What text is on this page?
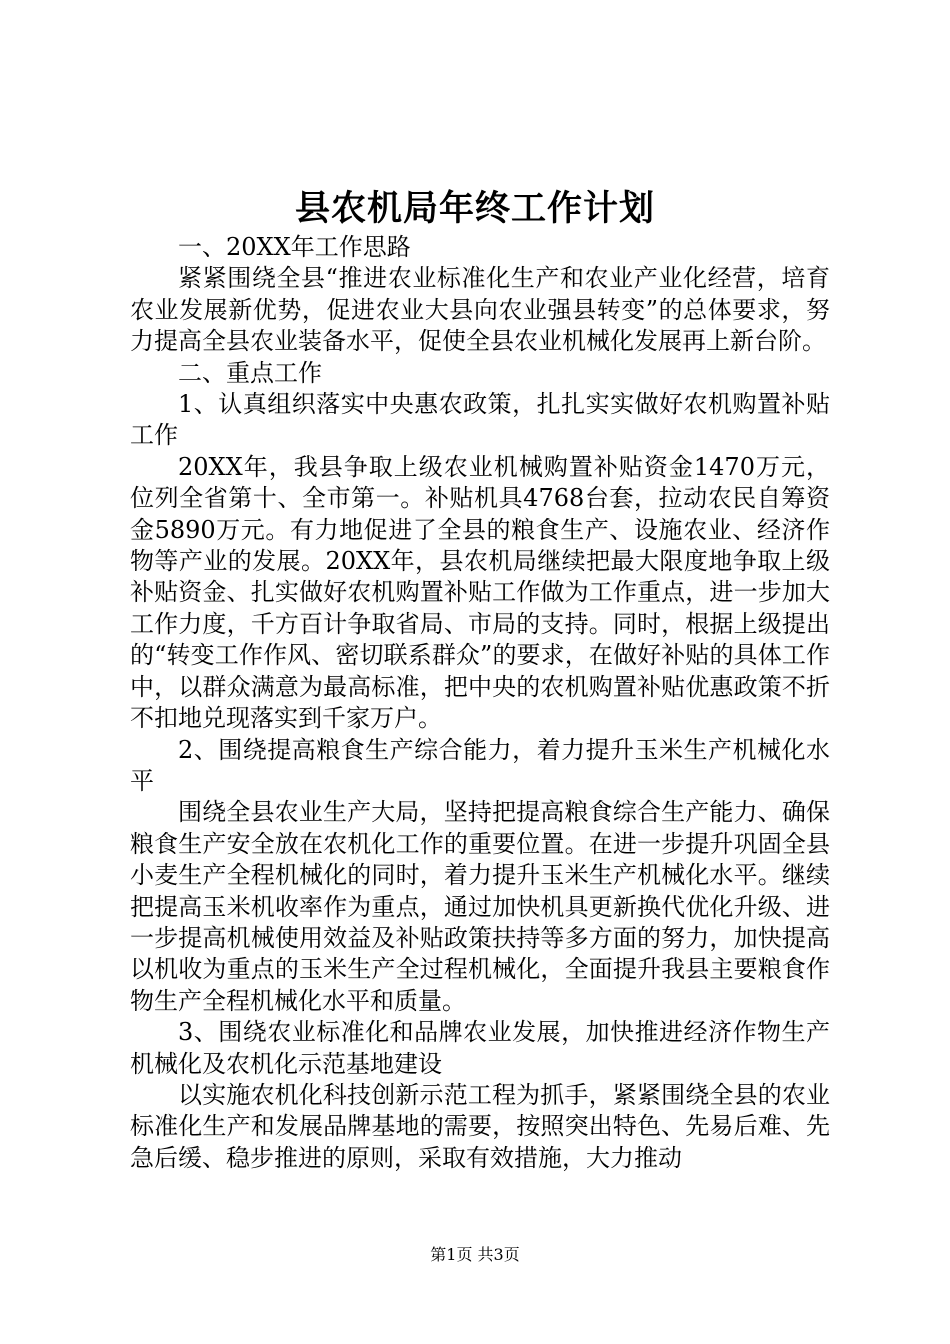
县农机局年终工作计划

一、20XX年工作思路

紧紧围绕全县“推进农业标准化生产和农业产业化经营，培育农业发展新优势，促进农业大县向农业强县转变”的总体要求，努力提高全县农业装备水平，促使全县农业机械化发展再上新台阶。

二、重点工作

1、认真组织落实中央惠农政策，扎扎实实做好农机购置补贴工作

20XX年，我县争取上级农业机械购置补贴资金1470万元，位列全省第十、全市第一。补贴机具4768台套，拉动农民自筹资金5890万元。有力地促进了全县的粮食生产、设施农业、经济作物等产业的发展。20XX年，县农机局继续把最大限度地争取上级补贴资金、扎实做好农机购置补贴工作做为工作重点，进一步加大工作力度，千方百计争取省局、市局的支持。同时，根据上级提出的“转变工作作风、密切联系群众”的要求，在做好补贴的具体工作中，以群众满意为最高标准，把中央的农机购置补贴优惠政策不折不扣地兑现落实到千家万户。

2、围绕提高粮食生产综合能力，着力提升玉米生产机械化水平

围绕全县农业生产大局，坚持把提高粮食综合生产能力、确保粮食生产安全放在农机化工作的重要位置。在进一步提升巩固全县小麦生产全程机械化的同时，着力提升玉米生产机械化水平。继续把提高玉米机收率作为重点，通过加快机具更新换代优化升级、进一步提高机械使用效益及补贴政策扶持等多方面的努力，加快提高以机收为重点的玉米生产全过程机械化，全面提升我县主要粮食作物生产全程机械化水平和质量。

3、围绕农业标准化和品牌农业发展，加快推进经济作物生产机械化及农机化示范基地建设

以实施农机化科技创新示范工程为抓手，紧紧围绕全县的农业标准化生产和发展品牌基地的需要，按照突出特色、先易后难、先急后缓、稳步推进的原则，采取有效措施，大力推动

第1页 共3页
